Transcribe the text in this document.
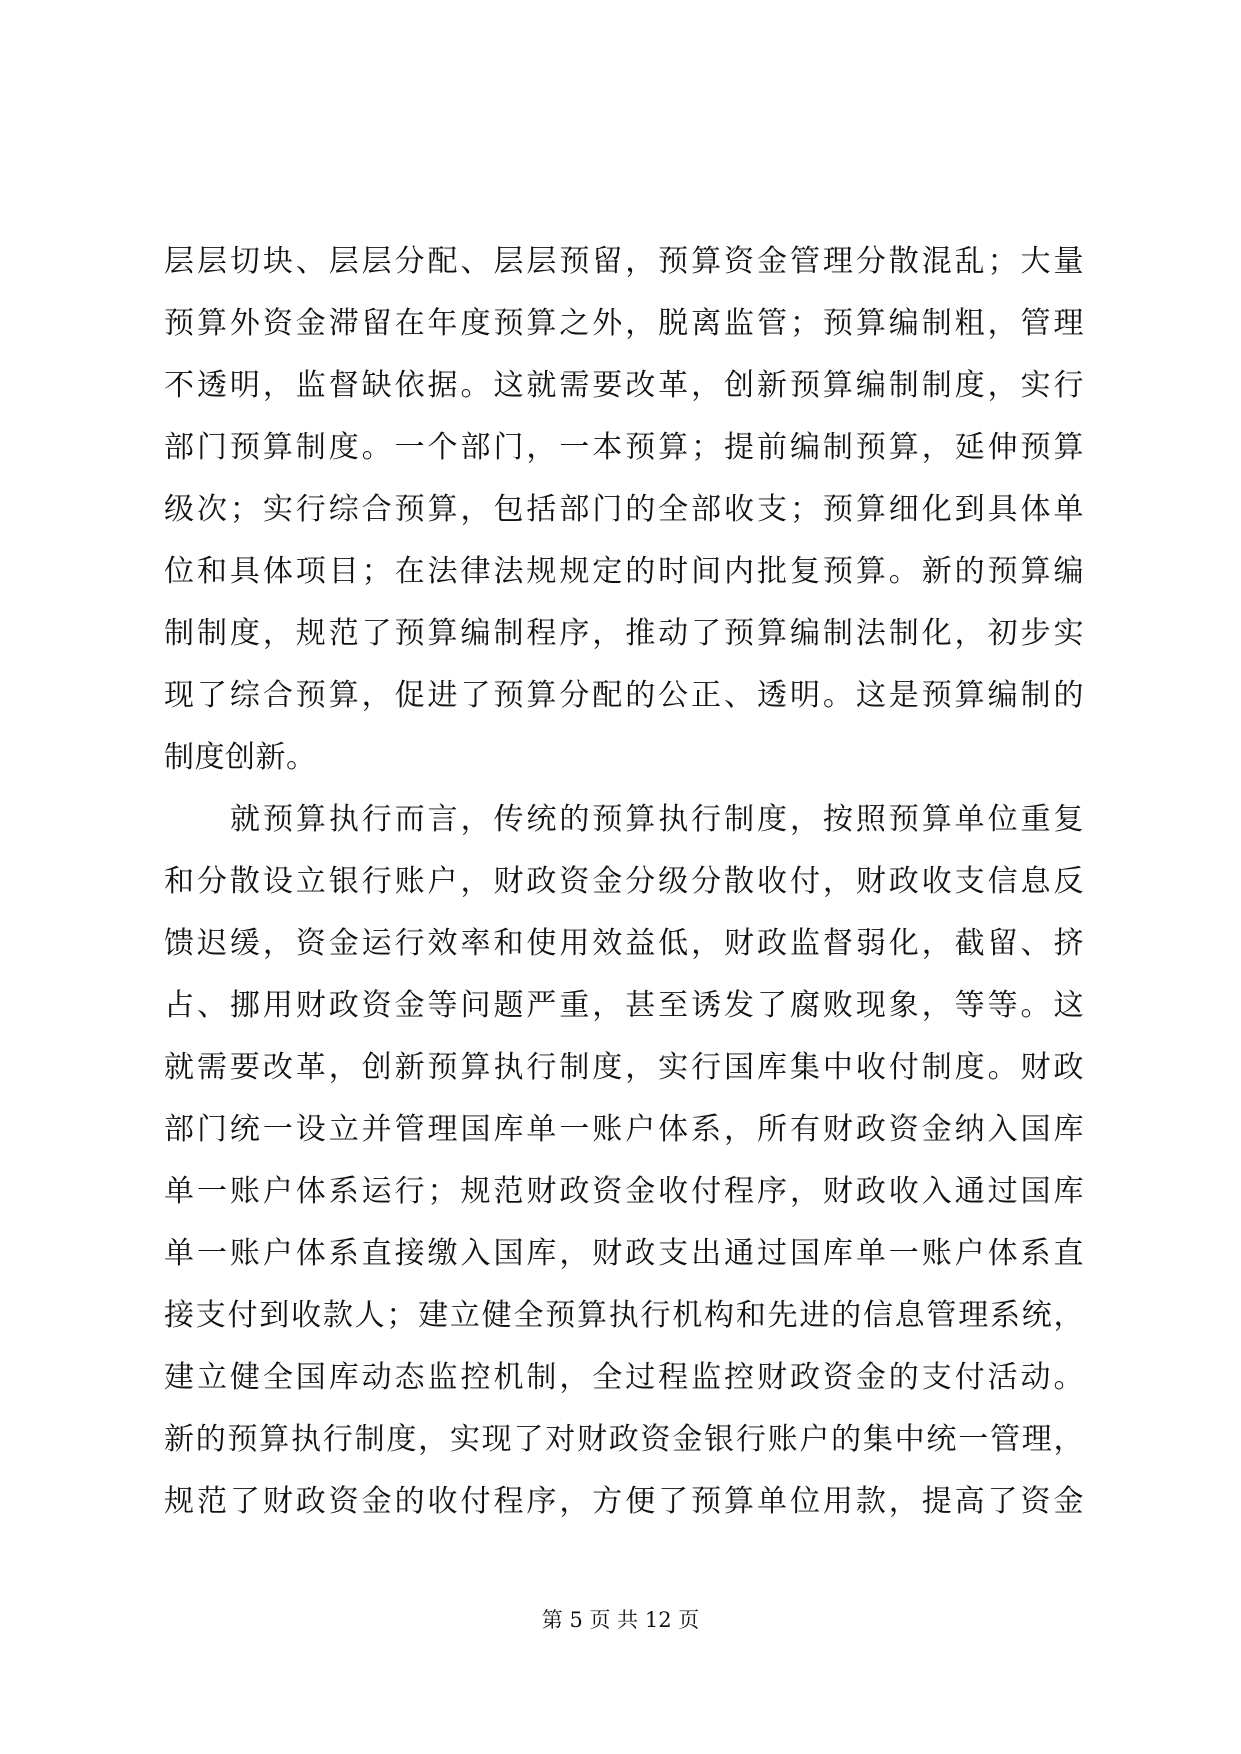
层层切块、层层分配、层层预留，预算资金管理分散混乱；大量
预算外资金滞留在年度预算之外，脱离监管；预算编制粗，管理
不透明，监督缺依据。这就需要改革，创新预算编制制度，实行
部门预算制度。一个部门，一本预算；提前编制预算，延伸预算
级次；实行综合预算，包括部门的全部收支；预算细化到具体单
位和具体项目；在法律法规规定的时间内批复预算。新的预算编
制制度，规范了预算编制程序，推动了预算编制法制化，初步实
现了综合预算，促进了预算分配的公正、透明。这是预算编制的
制度创新。
就预算执行而言，传统的预算执行制度，按照预算单位重复
和分散设立银行账户，财政资金分级分散收付，财政收支信息反
馈迟缓，资金运行效率和使用效益低，财政监督弱化，截留、挤
占、挪用财政资金等问题严重，甚至诱发了腐败现象，等等。这
就需要改革，创新预算执行制度，实行国库集中收付制度。财政
部门统一设立并管理国库单一账户体系，所有财政资金纳入国库
单一账户体系运行；规范财政资金收付程序，财政收入通过国库
单一账户体系直接缴入国库，财政支出通过国库单一账户体系直
接支付到收款人；建立健全预算执行机构和先进的信息管理系统，
建立健全国库动态监控机制，全过程监控财政资金的支付活动。
新的预算执行制度，实现了对财政资金银行账户的集中统一管理，
规范了财政资金的收付程序，方便了预算单位用款，提高了资金
第 5 页 共 12 页
